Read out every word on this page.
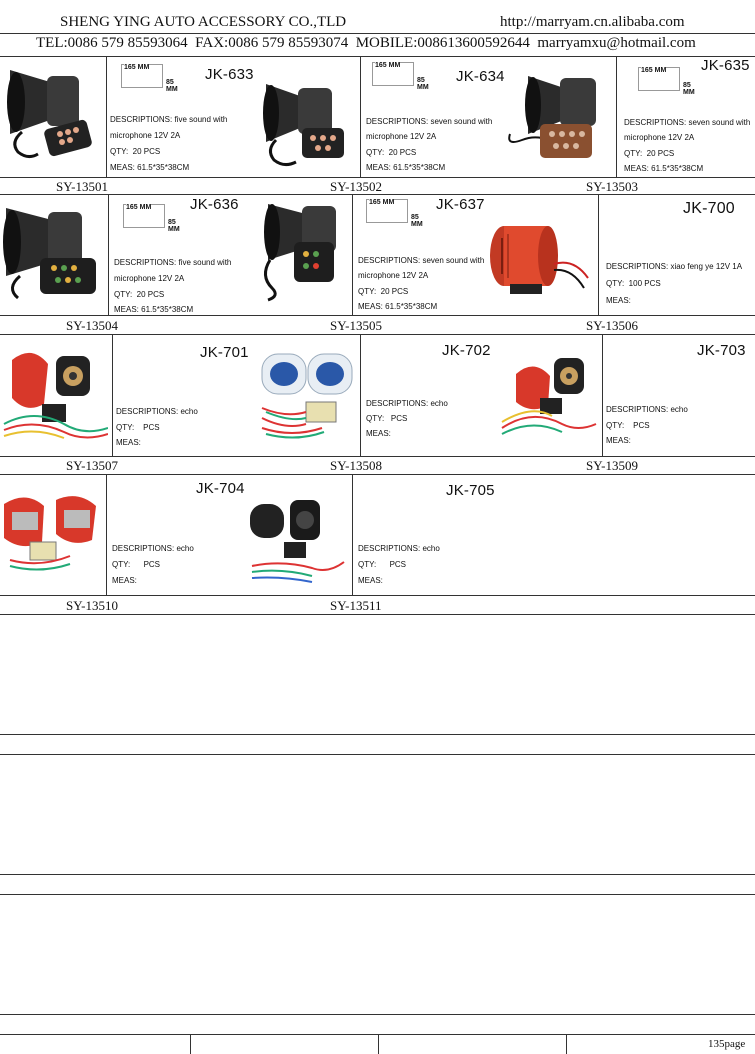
SHENG YING AUTO ACCESSORY CO.,TLD	http://marryam.cn.alibaba.com
TEL:0086 579 85593064  FAX:0086 579 85593074  MOBILE:008613600592644  marryamxu@hotmail.com
135page
165 MM
85 MM
JK-633
DESCRIPTIONS: five sound with
microphone 12V 2A
QTY:  20 PCS
MEAS: 61.5*35*38CM
SY-13501
165 MM
85 MM
JK-634
DESCRIPTIONS: seven sound with
microphone 12V 2A
QTY:  20 PCS
MEAS: 61.5*35*38CM
SY-13502
165 MM
85 MM
JK-635
DESCRIPTIONS: seven sound with
microphone 12V 2A
QTY:  20 PCS
MEAS: 61.5*35*38CM
SY-13503
165 MM
85 MM
JK-636
DESCRIPTIONS: five sound with
microphone 12V 2A
QTY:  20 PCS
MEAS: 61.5*35*38CM
SY-13504
165 MM
85 MM
JK-637
DESCRIPTIONS: seven sound with
microphone 12V 2A
QTY:  20 PCS
MEAS: 61.5*35*38CM
SY-13505
JK-700
DESCRIPTIONS: xiao feng ye 12V 1A
QTY:  100 PCS
MEAS:
SY-13506
JK-701
DESCRIPTIONS: echo
QTY:    PCS
MEAS:
SY-13507
JK-702
DESCRIPTIONS: echo
QTY:   PCS
MEAS:
SY-13508
JK-703
DESCRIPTIONS: echo
QTY:    PCS
MEAS:
SY-13509
JK-704
DESCRIPTIONS: echo
QTY:      PCS
MEAS:
SY-13510
JK-705
DESCRIPTIONS: echo
QTY:      PCS
MEAS:
SY-13511
